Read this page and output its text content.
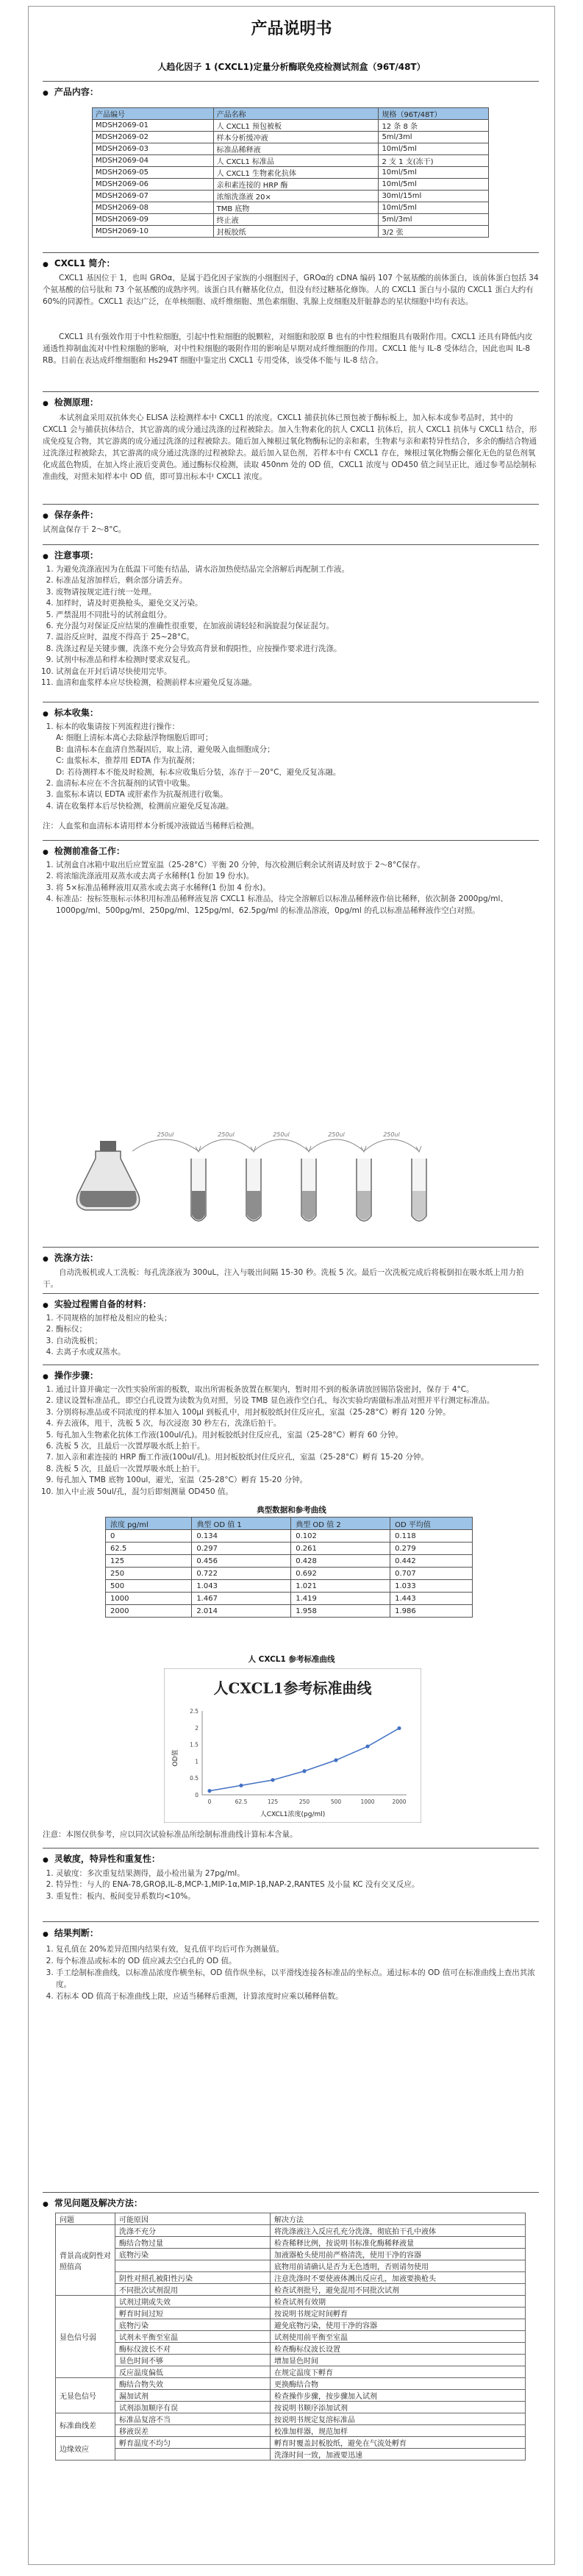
产品说明书
人趋化因子 1 (CXCL1)定量分析酶联免疫检测试剂盒（96T/48T）
● 产品内容：
产品编号	产品名称	规格（96T/48T）
MDSH2069-01	人 CXCL1 预包被板	12 条 8 条
MDSH2069-02	样本分析缓冲液	5ml/3ml
MDSH2069-03	标准品稀释液	10ml/5ml
MDSH2069-04	人 CXCL1 标准品	2 支 1 支(冻干)
MDSH2069-05	人 CXCL1 生物素化抗体	10ml/5ml
MDSH2069-06	亲和素连接的 HRP 酶	10ml/5ml
MDSH2069-07	浓缩洗涤液 20×	30ml/15ml
MDSH2069-08	TMB 底物	10ml/5ml
MDSH2069-09	终止液	5ml/3ml
MDSH2069-10	封板胶纸	3/2 张
● CXCL1 简介：

CXCL1 基因位于 1，也叫 GROα，是属于趋化因子家族的小细胞因子，GROα的 cDNA 编码 107 个氨基酸的前体蛋白，该前体蛋白包括 34 个氨基酸的信号肽和 73 个氨基酸的成熟序列。该蛋白具有糖基化位点，但没有经过糖基化修饰。人的 CXCL1 蛋白与小鼠的 CXCL1 蛋白大约有 60%的同源性。CXCL1 表达广泛，在单核细胞、成纤维细胞、黑色素细胞、乳腺上皮细胞及肝脏静态的星状细胞中均有表达。

CXCL1 具有强效作用于中性粒细胞，引起中性粒细胞的脱颗粒，对细胞和胶原 B 也有的中性粒细胞具有吸附作用。CXCL1 还具有降低内皮通透性抑制血流对中性粒细胞的影响，对中性粒细胞的吸附作用的影响是早期对成纤维细胞的作用。CXCL1 能与 IL-8 受体结合，因此也叫 IL-8 RB。目前在表达成纤维细胞和 Hs294T 细胞中鉴定出 CXCL1 专用受体，该受体不能与 IL-8 结合。

● 检测原理：

本试剂盒采用双抗体夹心 ELISA 法检测样本中 CXCL1 的浓度。CXCL1 捕获抗体已预包被于酶标板上，加入标本或参考品时，其中的 CXCL1 会与捕获抗体结合，其它游离的成分通过洗涤的过程被除去。加入生物素化的抗人 CXCL1 抗体后，抗人 CXCL1 抗体与 CXCL1 结合，形成免疫复合物，其它游离的成分通过洗涤的过程被除去。随后加入辣根过氧化物酶标记的亲和素，生物素与亲和素特异性结合，多余的酶结合物通过洗涤过程被除去，其它游离的成分通过洗涤的过程被除去。最后加入显色剂，若样本中有 CXCL1 存在，辣根过氧化物酶会催化无色的显色剂氧化成蓝色物质，在加入终止液后变黄色。通过酶标仪检测，读取 450nm 处的 OD 值，CXCL1 浓度与 OD450 值之间呈正比，通过参考品绘制标准曲线，对照未知样本中 OD 值，即可算出标本中 CXCL1 浓度。

● 保存条件：

试剂盒保存于 2～8°C。

● 注意事项：
1. 为避免洗涤液因为在低温下可能有结晶，请水浴加热使结晶完全溶解后再配制工作液。
2. 标准品复溶加样后，剩余部分请丢弃。
3. 废物请按规定进行统一处理。
4. 加样时，请及时更换枪头，避免交叉污染。
5. 严禁混用不同批号的试剂盒组分。
6. 充分混匀对保证反应结果的准确性很重要，在加液前请轻轻和涡旋混匀保证混匀。
7. 温浴反应时，温度不得高于 25~28°C。
8. 洗涤过程是关键步骤，洗涤不充分会导致高背景和假阳性，应按操作要求进行洗涤。
9. 试剂中标准品和样本检测时要求双复孔。
10. 试剂盒在开封后请尽快使用完毕。
11. 血清和血浆样本应尽快检测，检测前样本应避免反复冻融。
● 标本收集：
1. 标本的收集请按下列流程进行操作：
A: 细胞上清标本离心去除悬浮物细胞后即可；
B: 血清标本在血清自然凝固后，取上清，避免吸入血细胞成分；
C: 血浆标本，推荐用 EDTA 作为抗凝剂；
D: 若待测样本不能及时检测，标本应收集后分装，冻存于－20°C，避免反复冻融。
2. 血清标本应在不含抗凝剂的试管中收集。
3. 血浆标本请以 EDTA 或肝素作为抗凝剂进行收集。
4. 请在收集样本后尽快检测，检测前应避免反复冻融。

注：人血浆和血清标本请用样本分析缓冲液做适当稀释后检测。

● 检测前准备工作：
1. 试剂盒自冰箱中取出后应置室温（25-28°C）平衡 20 分钟，每次检测后剩余试剂请及时放于 2～8°C保存。
2. 将浓缩洗涤液用双蒸水或去离子水稀释(1 份加 19 份水)。
3. 将 5×标准品稀释液用双蒸水或去离子水稀释(1 份加 4 份水)。
4. 标准品：按标签瓶标示体积用标准品稀释液复溶 CXCL1 标准品，待完全溶解后以标准品稀释液作倍比稀释，依次制备 2000pg/ml、1000pg/ml、500pg/ml、250pg/ml、125pg/ml、62.5pg/ml 的标准品溶液，0pg/ml 的孔以标准品稀释液作空白对照。
250ul	250ul	250ul	250ul	250ul
● 洗涤方法：

自动洗板机或人工洗板：每孔洗涤液为 300uL，注入与吸出间隔 15-30 秒。洗板 5 次。最后一次洗板完成后将板倒扣在吸水纸上用力拍干。

● 实验过程需自备的材料：
1. 不同规格的加样枪及相应的枪头；
2. 酶标仪；
3. 自动洗板机；
4. 去离子水或双蒸水。
● 操作步骤：
1. 通过计算并确定一次性实验所需的板数，取出所需板条放置在框架内，暂时用不到的板条请放回锡箔袋密封，保存于 4°C。
2. 建议设置标准品孔，即空白孔设置为读数为负对照，另设 TMB 显色液作空白孔，每次实验均需做标准品对照并平行测定标准品。
3. 分别将标准品或不同浓度的样本加入 100μl 到板孔中，用封板胶纸封住反应孔，室温（25-28°C）孵育 120 分钟。
4. 弃去液体，甩干，洗板 5 次，每次浸泡 30 秒左右，洗涤后拍干。
5. 每孔加入生物素化抗体工作液(100ul/孔)。用封板胶纸封住反应孔，室温（25-28°C）孵育 60 分钟。
6. 洗板 5 次，且最后一次置厚吸水纸上拍干。
7. 加入亲和素连接的 HRP 酶工作液(100ul/孔)。用封板胶纸封住反应孔，室温（25-28°C）孵育 15-20 分钟。
8. 洗板 5 次，且最后一次置厚吸水纸上拍干。
9. 每孔加入 TMB 底物 100ul，避光，室温（25-28°C）孵育 15-20 分钟。
10. 加入中止液 50ul/孔，混匀后即刻测量 OD450 值。
典型数据和参考曲线
浓度 pg/ml	典型 OD 值 1	典型 OD 值 2	OD 平均值
0	0.134	0.102	0.118
62.5	0.297	0.261	0.279
125	0.456	0.428	0.442
250	0.722	0.692	0.707
500	1.043	1.021	1.033
1000	1.467	1.419	1.443
2000	2.014	1.958	1.986
人 CXCL1 参考标准曲线
人CXCL1参考标准曲线
人CXCL1浓度(pg/ml)
OD值
0
0.5
1
1.5
2
2.5
0	62.5	125	250	500	1000	2000

注意：本图仅供参考，应以同次试验标准品所绘制标准曲线计算标本含量。

● 灵敏度，特异性和重复性：
1. 灵敏度：多次重复结果测得，最小检出量为 27pg/ml。
2. 特异性：与人的 ENA-78,GROβ,IL-8,MCP-1,MIP-1α,MIP-1β,NAP-2,RANTES 及小鼠 KC 没有交叉反应。
3. 重复性：板内、板间变异系数均<10%。
● 常见问题及解决方法：
问题	可能原因	解决方法
背景高或阴性对照值高	洗涤不充分	将洗涤液注入反应孔充分洗涤，彻底拍干孔中液体
	酶结合物过量	检查稀释比例，按说明书标准化酶稀释液量
	底物污染	加液器枪头使用前严格清洗，使用干净的容器
		底物用前请确认是否为无色透明，否则请勿使用
	阴性对照孔被阳性污染	注意洗涤时不要使液体溅出反应孔，加液要换枪头
	不同批次试剂混用	检查试剂批号，避免混用不同批次试剂
显色信号弱	试剂过期或失效	检查试剂有效期
	孵育时间过短	按说明书规定时间孵育
	底物污染	避免底物污染，使用干净的容器
	试剂未平衡至室温	试剂使用前平衡至室温
	酶标仪波长不对	检查酶标仪波长设置
	显色时间不够	增加显色时间
	反应温度偏低	在规定温度下孵育
无显色信号	酶结合物失效	更换酶结合物
	漏加试剂	检查操作步骤，按步骤加入试剂
	试剂添加顺序有误	按说明书顺序添加试剂
标准曲线差	标准品复溶不当	按说明书规定复溶标准品
	移液误差	校准加样器，规范加样
边缘效应	孵育温度不均匀	孵育时覆盖封板胶纸，避免在气流处孵育
		洗涤时间一致，加液要迅速
● 结果判断：
1. 复孔值在 20%差异范围内结果有效，复孔值平均后可作为测量值。
2. 每个标准品或标本的 OD 值应减去空白孔的 OD 值。
3. 手工绘制标准曲线，以标准品浓度作横坐标，OD 值作纵坐标，以平滑线连接各标准品的坐标点。通过标本的 OD 值可在标准曲线上查出其浓度。
4. 若标本 OD 值高于标准曲线上限，应适当稀释后重测，计算浓度时应乘以稀释倍数。
